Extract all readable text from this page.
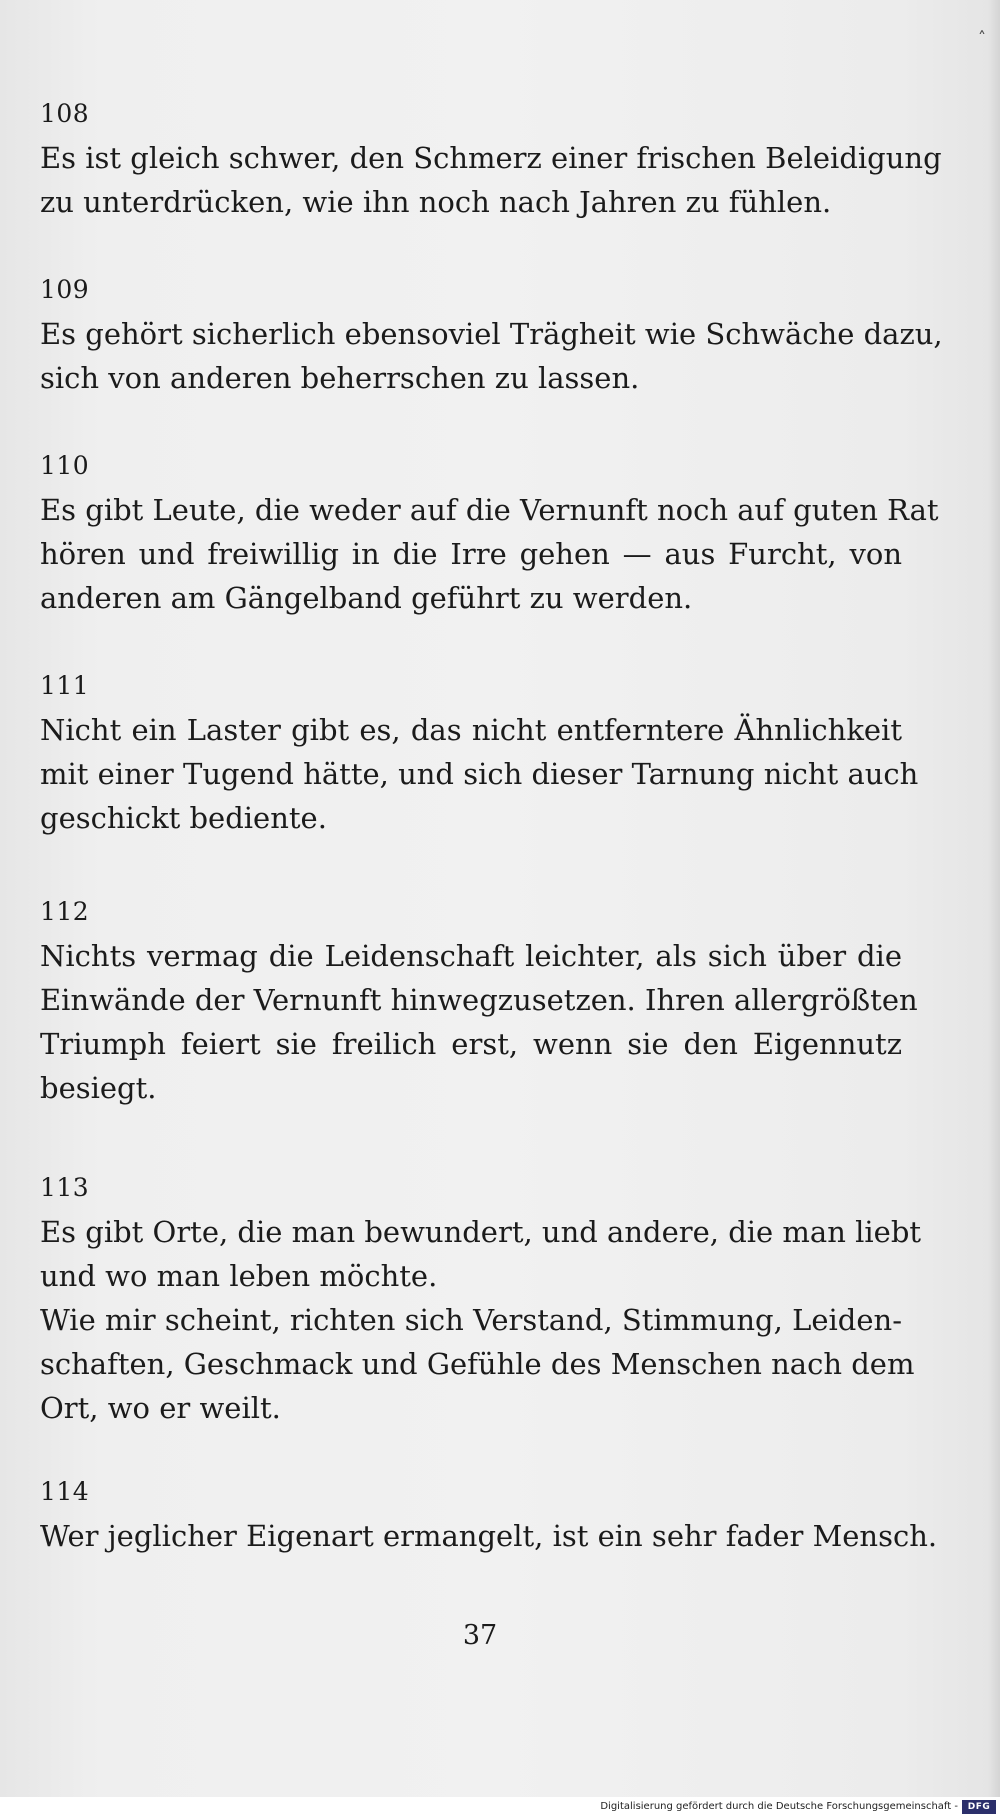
˄
108
Es ist gleich schwer, den Schmerz einer frischen Beleidigung
zu unterdrücken, wie ihn noch nach Jahren zu fühlen.
109
Es gehört sicherlich ebensoviel Trägheit wie Schwäche dazu,
sich von anderen beherrschen zu lassen.
110
Es gibt Leute, die weder auf die Vernunft noch auf guten Rat
hören und freiwillig in die Irre gehen — aus Furcht, von
anderen am Gängelband geführt zu werden.
111
Nicht ein Laster gibt es, das nicht entferntere Ähnlichkeit
mit einer Tugend hätte, und sich dieser Tarnung nicht auch
geschickt bediente.
112
Nichts vermag die Leidenschaft leichter, als sich über die
Einwände der Vernunft hinwegzusetzen. Ihren allergrößten
Triumph feiert sie freilich erst, wenn sie den Eigennutz
besiegt.
113
Es gibt Orte, die man bewundert, und andere, die man liebt
und wo man leben möchte.
Wie mir scheint, richten sich Verstand, Stimmung, Leiden-
schaften, Geschmack und Gefühle des Menschen nach dem
Ort, wo er weilt.
114
Wer jeglicher Eigenart ermangelt, ist ein sehr fader Mensch.
37
Digitalisierung gefördert durch die Deutsche Forschungsgemeinschaft -	DFG
